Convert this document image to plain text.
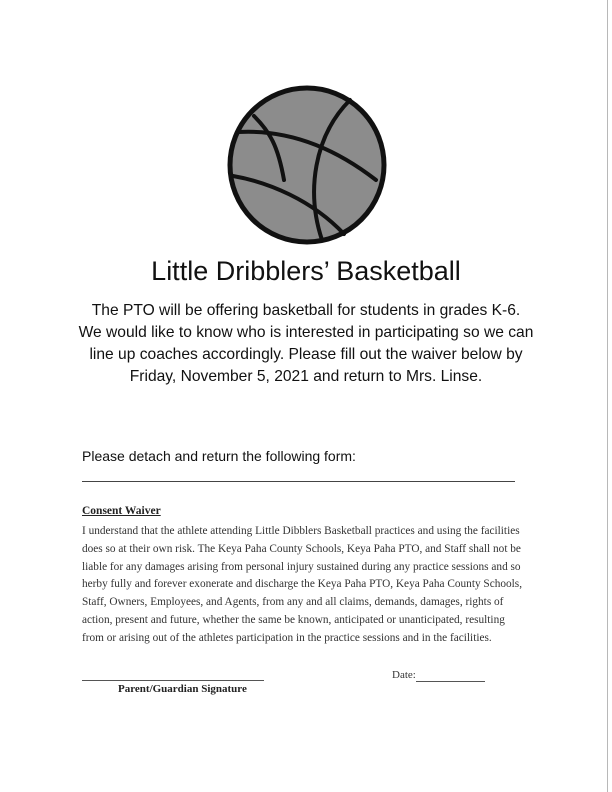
Little Dribblers’ Basketball
The PTO will be offering basketball for students in grades K-6.
We would like to know who is interested in participating so we can
line up coaches accordingly. Please fill out the waiver below by
Friday, November 5, 2021 and return to Mrs. Linse.
Please detach and return the following form:
Consent Waiver
I understand that the athlete attending Little Dibblers Basketball practices and using the facilities
does so at their own risk. The Keya Paha County Schools, Keya Paha PTO, and Staff shall not be
liable for any damages arising from personal injury sustained during any practice sessions and so
herby fully and forever exonerate and discharge the Keya Paha PTO, Keya Paha County Schools,
Staff, Owners, Employees, and Agents, from any and all claims, demands, damages, rights of
action, present and future, whether the same be known, anticipated or unanticipated, resulting
from or arising out of the athletes participation in the practice sessions and in the facilities.
Parent/Guardian Signature
Date:
